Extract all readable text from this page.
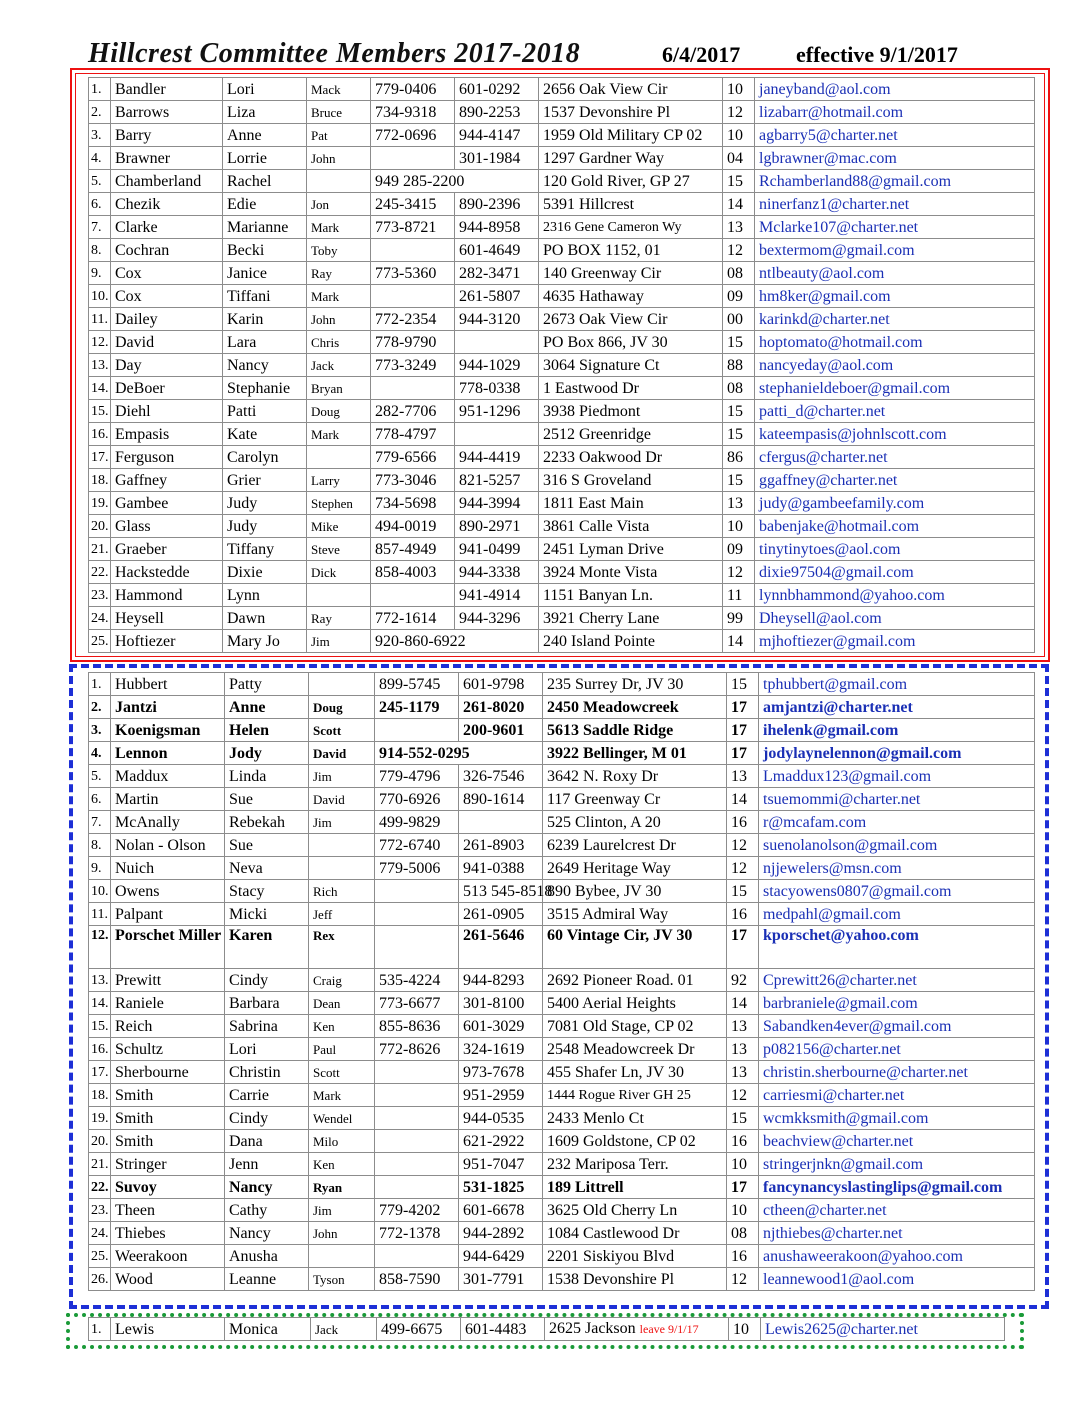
Hillcrest Committee Members 2017-2018	6/4/2017	effective 9/1/2017
1.	Bandler	Lori	Mack	779-0406	601-0292	2656 Oak View Cir	10	janeyband@aol.com
2.	Barrows	Liza	Bruce	734-9318	890-2253	1537 Devonshire Pl	12	lizabarr@hotmail.com
3.	Barry	Anne	Pat	772-0696	944-4147	1959 Old Military CP 02	10	agbarry5@charter.net
4.	Brawner	Lorrie	John		301-1984	1297 Gardner Way	04	lgbrawner@mac.com
5.	Chamberland	Rachel		949 285-2200		120 Gold River, GP 27	15	Rchamberland88@gmail.com
6.	Chezik	Edie	Jon	245-3415	890-2396	5391 Hillcrest	14	ninerfanz1@charter.net
7.	Clarke	Marianne	Mark	773-8721	944-8958	2316 Gene Cameron Wy	13	Mclarke107@charter.net
8.	Cochran	Becki	Toby		601-4649	PO BOX 1152, 01	12	bextermom@gmail.com
9.	Cox	Janice	Ray	773-5360	282-3471	140 Greenway Cir	08	ntlbeauty@aol.com
10.	Cox	Tiffani	Mark		261-5807	4635 Hathaway	09	hm8ker@gmail.com
11.	Dailey	Karin	John	772-2354	944-3120	2673 Oak View Cir	00	karinkd@charter.net
12.	David	Lara	Chris	778-9790		PO Box 866, JV 30	15	hoptomato@hotmail.com
13.	Day	Nancy	Jack	773-3249	944-1029	3064 Signature Ct	88	nancyeday@aol.com
14.	DeBoer	Stephanie	Bryan		778-0338	1 Eastwood Dr	08	stephanieldeboer@gmail.com
15.	Diehl	Patti	Doug	282-7706	951-1296	3938 Piedmont	15	patti_d@charter.net
16.	Empasis	Kate	Mark	778-4797		2512 Greenridge	15	kateempasis@johnlscott.com
17.	Ferguson	Carolyn		779-6566	944-4419	2233 Oakwood Dr	86	cfergus@charter.net
18.	Gaffney	Grier	Larry	773-3046	821-5257	316 S Groveland	15	ggaffney@charter.net
19.	Gambee	Judy	Stephen	734-5698	944-3994	1811 East Main	13	judy@gambeefamily.com
20.	Glass	Judy	Mike	494-0019	890-2971	3861 Calle Vista	10	babenjake@hotmail.com
21.	Graeber	Tiffany	Steve	857-4949	941-0499	2451 Lyman Drive	09	tinytinytoes@aol.com
22.	Hackstedde	Dixie	Dick	858-4003	944-3338	3924 Monte Vista	12	dixie97504@gmail.com
23.	Hammond	Lynn			941-4914	1151 Banyan Ln.	11	lynnbhammond@yahoo.com
24.	Heysell	Dawn	Ray	772-1614	944-3296	3921 Cherry Lane	99	Dheysell@aol.com
25.	Hoftiezer	Mary Jo	Jim	920-860-6922		240 Island Pointe	14	mjhoftiezer@gmail.com
1.	Hubbert	Patty		899-5745	601-9798	235 Surrey Dr, JV 30	15	tphubbert@gmail.com
2.	Jantzi	Anne	Doug	245-1179	261-8020	2450 Meadowcreek	17	amjantzi@charter.net
3.	Koenigsman	Helen	Scott		200-9601	5613 Saddle Ridge	17	ihelenk@gmail.com
4.	Lennon	Jody	David	914-552-0295		3922 Bellinger, M 01	17	jodylaynelennon@gmail.com
5.	Maddux	Linda	Jim	779-4796	326-7546	3642 N. Roxy Dr	13	Lmaddux123@gmail.com
6.	Martin	Sue	David	770-6926	890-1614	117 Greenway Cr	14	tsuemommi@charter.net
7.	McAnally	Rebekah	Jim	499-9829		525 Clinton, A 20	16	r@mcafam.com
8.	Nolan - Olson	Sue		772-6740	261-8903	6239 Laurelcrest Dr	12	suenolanolson@gmail.com
9.	Nuich	Neva		779-5006	941-0388	2649 Heritage Way	12	njjewelers@msn.com
10.	Owens	Stacy	Rich		513 545-8518	890 Bybee, JV 30	15	stacyowens0807@gmail.com
11.	Palpant	Micki	Jeff		261-0905	3515 Admiral Way	16	medpahl@gmail.com
12.	Porschet Miller	Karen	Rex		261-5646	60 Vintage Cir, JV 30	17	kporschet@yahoo.com
13.	Prewitt	Cindy	Craig	535-4224	944-8293	2692 Pioneer Road. 01	92	Cprewitt26@charter.net
14.	Raniele	Barbara	Dean	773-6677	301-8100	5400 Aerial Heights	14	barbraniele@gmail.com
15.	Reich	Sabrina	Ken	855-8636	601-3029	7081 Old Stage, CP 02	13	Sabandken4ever@gmail.com
16.	Schultz	Lori	Paul	772-8626	324-1619	2548 Meadowcreek Dr	13	p082156@charter.net
17.	Sherbourne	Christin	Scott		973-7678	455 Shafer Ln, JV 30	13	christin.sherbourne@charter.net
18.	Smith	Carrie	Mark		951-2959	1444 Rogue River GH 25	12	carriesmi@charter.net
19.	Smith	Cindy	Wendel		944-0535	2433 Menlo Ct	15	wcmkksmith@gmail.com
20.	Smith	Dana	Milo		621-2922	1609 Goldstone, CP 02	16	beachview@charter.net
21.	Stringer	Jenn	Ken		951-7047	232 Mariposa Terr.	10	stringerjnkn@gmail.com
22.	Suvoy	Nancy	Ryan		531-1825	189 Littrell	17	fancynancyslastinglips@gmail.com
23.	Theen	Cathy	Jim	779-4202	601-6678	3625 Old Cherry Ln	10	ctheen@charter.net
24.	Thiebes	Nancy	John	772-1378	944-2892	1084 Castlewood Dr	08	njthiebes@charter.net
25.	Weerakoon	Anusha			944-6429	2201 Siskiyou Blvd	16	anushaweerakoon@yahoo.com
26.	Wood	Leanne	Tyson	858-7590	301-7791	1538 Devonshire Pl	12	leannewood1@aol.com
1.	Lewis	Monica	Jack	499-6675	601-4483	2625 Jackson leave 9/1/17	10	Lewis2625@charter.net
